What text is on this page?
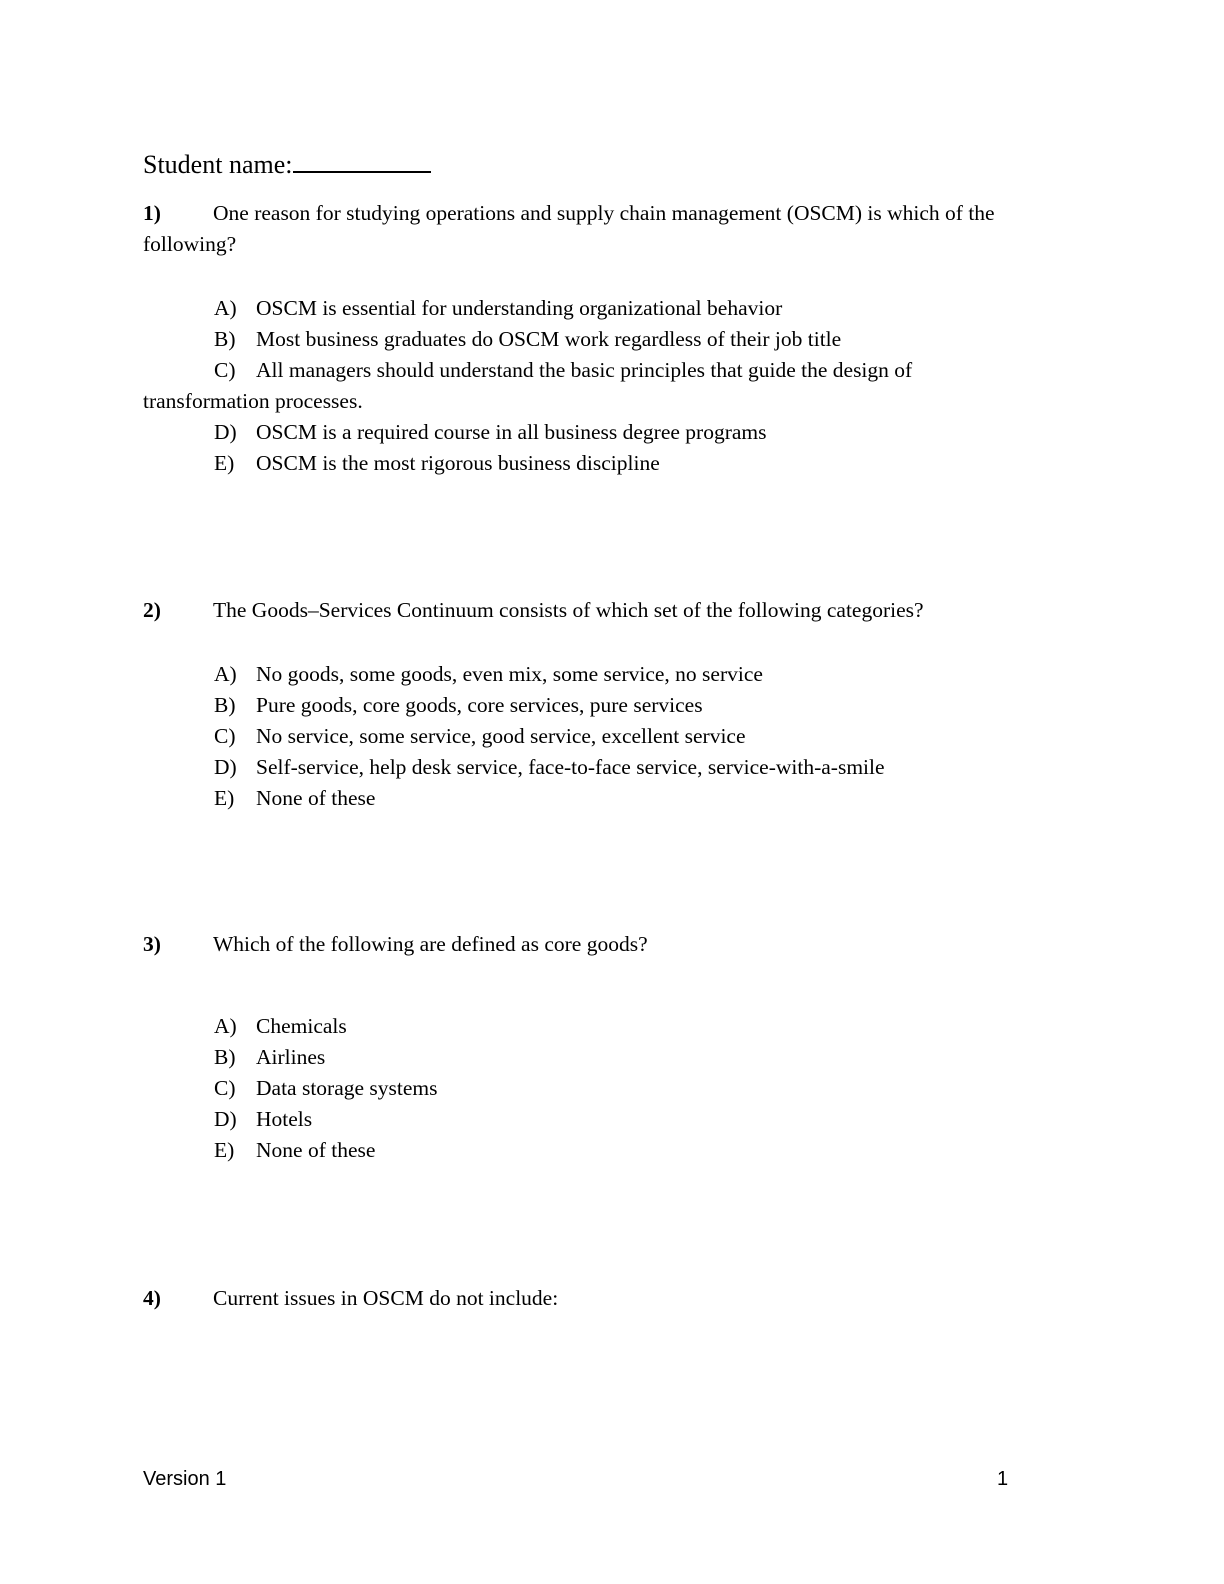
Student name:
1) One reason for studying operations and supply chain management (OSCM) is which of the following?
A) OSCM is essential for understanding organizational behavior
B) Most business graduates do OSCM work regardless of their job title
C) All managers should understand the basic principles that guide the design of
transformation processes.
D) OSCM is a required course in all business degree programs
E) OSCM is the most rigorous business discipline
2) The Goods–Services Continuum consists of which set of the following categories?
A) No goods, some goods, even mix, some service, no service
B) Pure goods, core goods, core services, pure services
C) No service, some service, good service, excellent service
D) Self-service, help desk service, face-to-face service, service-with-a-smile
E) None of these
3) Which of the following are defined as core goods?
A) Chemicals
B) Airlines
C) Data storage systems
D) Hotels
E) None of these
4) Current issues in OSCM do not include:
Version 1	1
